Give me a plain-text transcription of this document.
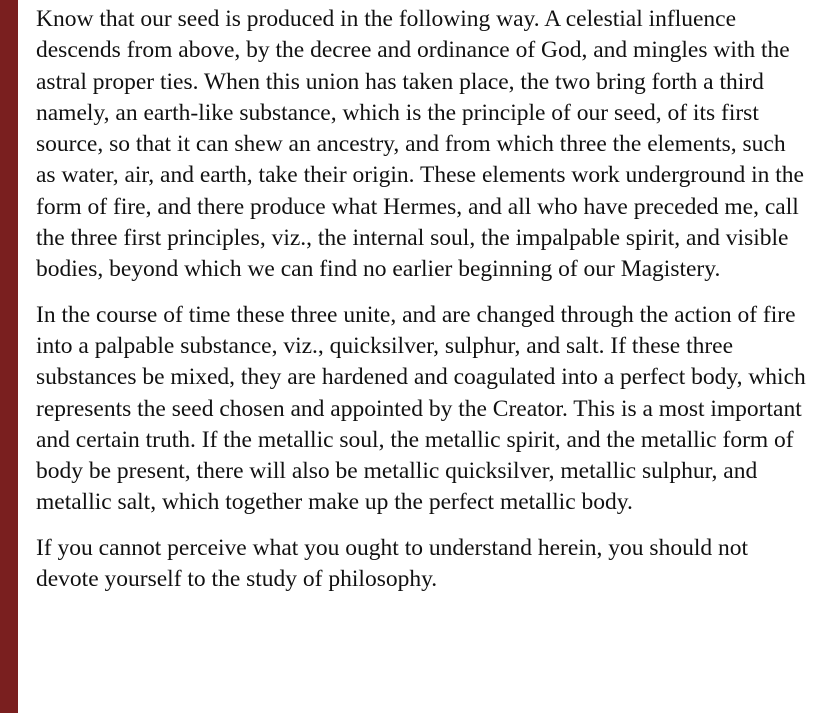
Know that our seed is produced in the following way. A celestial influence descends from above, by the decree and ordinance of God, and mingles with the astral proper ties. When this union has taken place, the two bring forth a third namely, an earth-like substance, which is the principle of our seed, of its first source, so that it can shew an ancestry, and from which three the elements, such as water, air, and earth, take their origin. These elements work underground in the form of fire, and there produce what Hermes, and all who have preceded me, call the three first principles, viz., the internal soul, the impalpable spirit, and visible bodies, beyond which we can find no earlier beginning of our Magistery.

In the course of time these three unite, and are changed through the action of fire into a palpable substance, viz., quicksilver, sulphur, and salt. If these three substances be mixed, they are hardened and coagulated into a perfect body, which represents the seed chosen and appointed by the Creator. This is a most important and certain truth. If the metallic soul, the metallic spirit, and the metallic form of body be present, there will also be metallic quicksilver, metallic sulphur, and metallic salt, which together make up the perfect metallic body.

If you cannot perceive what you ought to understand herein, you should not devote yourself to the study of philosophy.
